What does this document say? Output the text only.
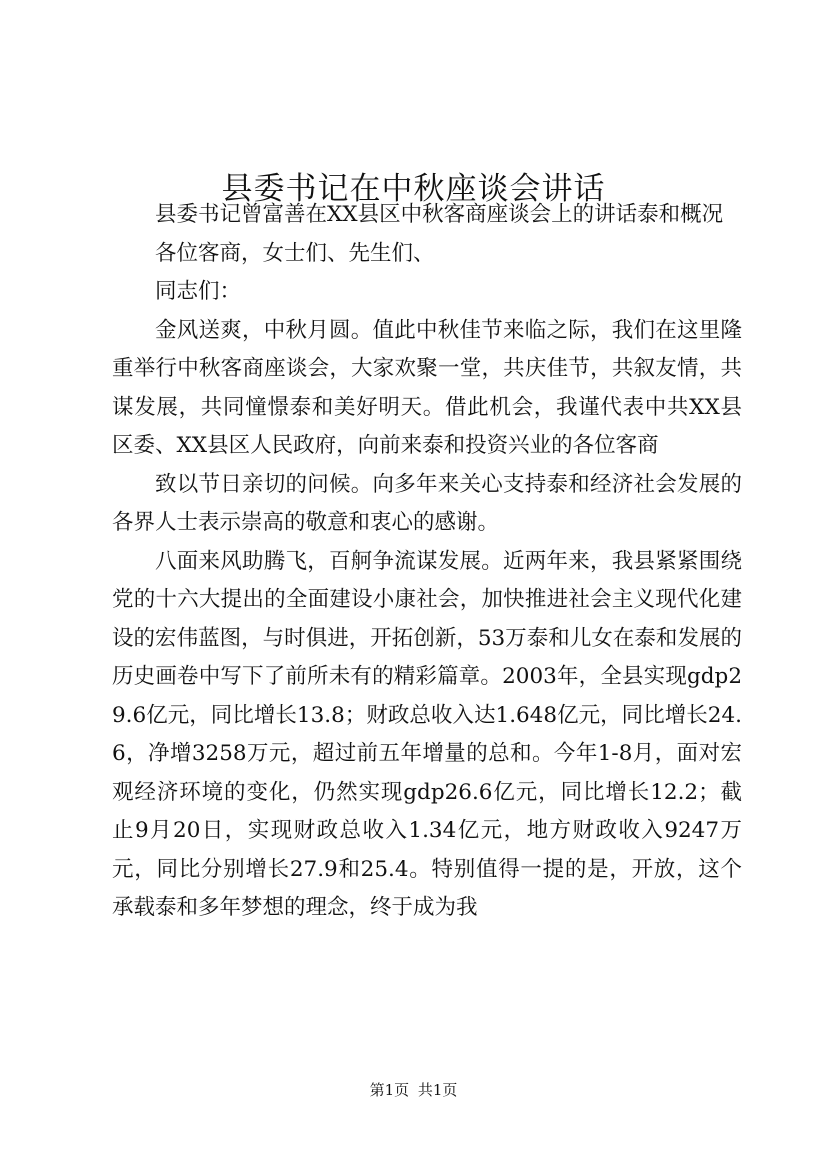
县委书记在中秋座谈会讲话

县委书记曾富善在XX县区中秋客商座谈会上的讲话泰和概况

各位客商，女士们、先生们、

同志们：

金风送爽，中秋月圆。值此中秋佳节来临之际，我们在这里隆重举行中秋客商座谈会，大家欢聚一堂，共庆佳节，共叙友情，共谋发展，共同憧憬泰和美好明天。借此机会，我谨代表中共XX县区委、XX县区人民政府，向前来泰和投资兴业的各位客商

致以节日亲切的问候。向多年来关心支持泰和经济社会发展的各界人士表示崇高的敬意和衷心的感谢。

八面来风助腾飞，百舸争流谋发展。近两年来，我县紧紧围绕党的十六大提出的全面建设小康社会，加快推进社会主义现代化建设的宏伟蓝图，与时俱进，开拓创新，53万泰和儿女在泰和发展的历史画卷中写下了前所未有的精彩篇章。2003年，全县实现gdp29.6亿元，同比增长13.8；财政总收入达1.648亿元，同比增长24.6，净增3258万元，超过前五年增量的总和。今年1-8月，面对宏观经济环境的变化，仍然实现gdp26.6亿元，同比增长12.2；截止9月20日，实现财政总收入1.34亿元，地方财政收入9247万元，同比分别增长27.9和25.4。特别值得一提的是，开放，这个承载泰和多年梦想的理念，终于成为我

第1页 共1页
